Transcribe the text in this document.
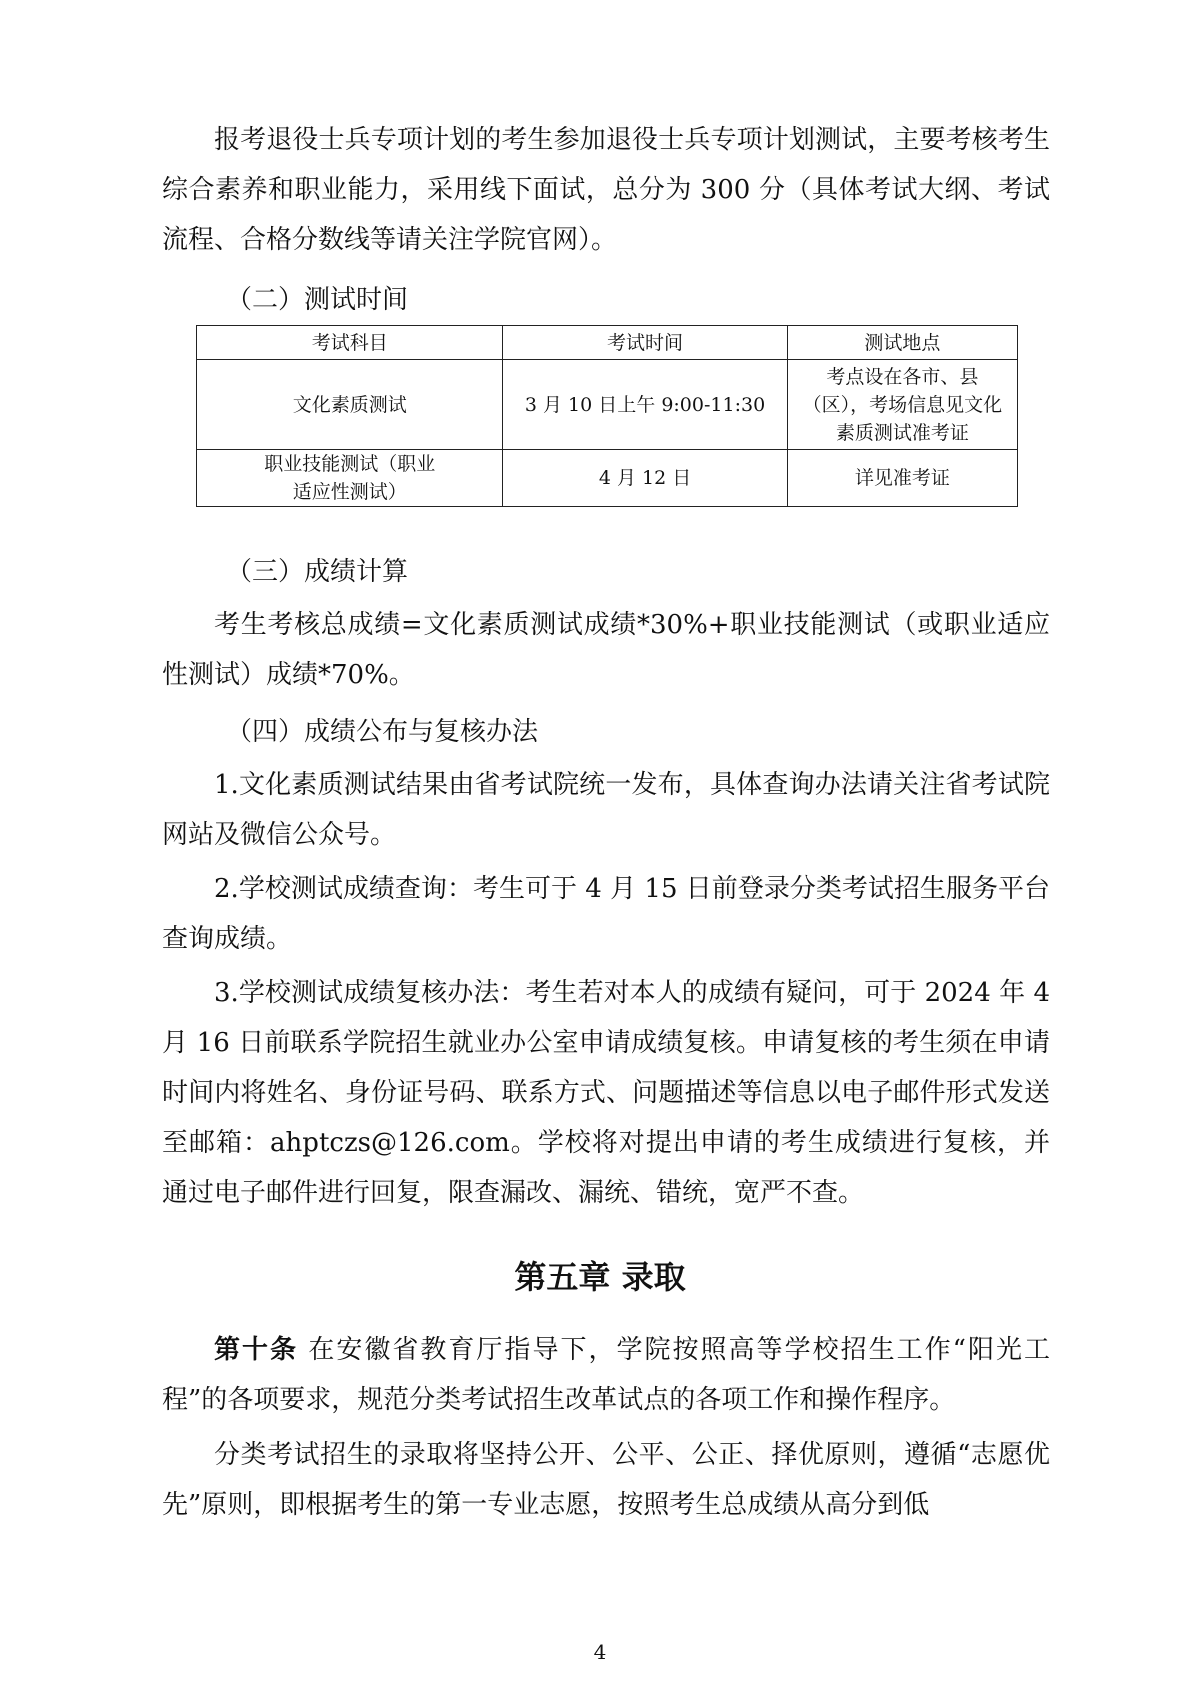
报考退役士兵专项计划的考生参加退役士兵专项计划测试，主要考核考生综合素养和职业能力，采用线下面试，总分为 300 分（具体考试大纲、考试流程、合格分数线等请关注学院官网）。

（二）测试时间

考试科目	考试时间	测试地点
文化素质测试	3 月 10 日上午 9:00-11:30	考点设在各市、县（区），考场信息见文化素质测试准考证
职业技能测试（职业适应性测试）	4 月 12 日	详见准考证

（三）成绩计算

考生考核总成绩=文化素质测试成绩*30%+职业技能测试（或职业适应性测试）成绩*70%。

（四）成绩公布与复核办法

1.文化素质测试结果由省考试院统一发布，具体查询办法请关注省考试院网站及微信公众号。

2.学校测试成绩查询：考生可于 4 月 15 日前登录分类考试招生服务平台查询成绩。

3.学校测试成绩复核办法：考生若对本人的成绩有疑问，可于 2024 年 4 月 16 日前联系学院招生就业办公室申请成绩复核。申请复核的考生须在申请时间内将姓名、身份证号码、联系方式、问题描述等信息以电子邮件形式发送至邮箱：ahptczs@126.com。学校将对提出申请的考生成绩进行复核，并通过电子邮件进行回复，限查漏改、漏统、错统，宽严不查。

第五章 录取

第十条 在安徽省教育厅指导下，学院按照高等学校招生工作“阳光工程”的各项要求，规范分类考试招生改革试点的各项工作和操作程序。

分类考试招生的录取将坚持公开、公平、公正、择优原则，遵循“志愿优先”原则，即根据考生的第一专业志愿，按照考生总成绩从高分到低

4
